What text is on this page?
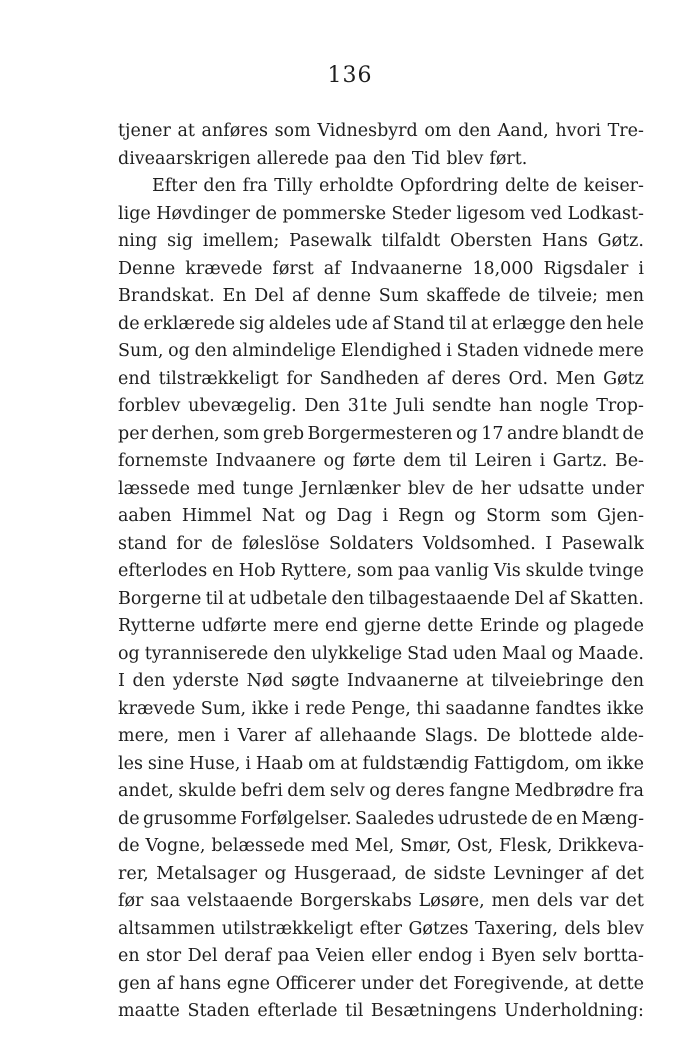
136
tjener at anføres som Vidnesbyrd om den Aand, hvori Tre-
diveaarskrigen allerede paa den Tid blev ført.
Efter den fra Tilly erholdte Opfordring delte de keiser-
lige Høvdinger de pommerske Steder ligesom ved Lodkast-
ning sig imellem; Pasewalk tilfaldt Obersten Hans Gøtz.
Denne krævede først af Indvaanerne 18,000 Rigsdaler i
Brandskat. En Del af denne Sum skaffede de tilveie; men
de erklærede sig aldeles ude af Stand til at erlægge den hele
Sum, og den almindelige Elendighed i Staden vidnede mere
end tilstrækkeligt for Sandheden af deres Ord. Men Gøtz
forblev ubevægelig. Den 31te Juli sendte han nogle Trop-
per derhen, som greb Borgermesteren og 17 andre blandt de
fornemste Indvaanere og førte dem til Leiren i Gartz. Be-
læssede med tunge Jernlænker blev de her udsatte under
aaben Himmel Nat og Dag i Regn og Storm som Gjen-
stand for de føleslöse Soldaters Voldsomhed. I Pasewalk
efterlodes en Hob Ryttere, som paa vanlig Vis skulde tvinge
Borgerne til at udbetale den tilbagestaaende Del af Skatten.
Rytterne udførte mere end gjerne dette Erinde og plagede
og tyranniserede den ulykkelige Stad uden Maal og Maade.
I den yderste Nød søgte Indvaanerne at tilveiebringe den
krævede Sum, ikke i rede Penge, thi saadanne fandtes ikke
mere, men i Varer af allehaande Slags. De blottede alde-
les sine Huse, i Haab om at fuldstændig Fattigdom, om ikke
andet, skulde befri dem selv og deres fangne Medbrødre fra
de grusomme Forfølgelser. Saaledes udrustede de en Mæng-
de Vogne, belæssede med Mel, Smør, Ost, Flesk, Drikkeva-
rer, Metalsager og Husgeraad, de sidste Levninger af det
før saa velstaaende Borgerskabs Løsøre, men dels var det
altsammen utilstrækkeligt efter Gøtzes Taxering, dels blev
en stor Del deraf paa Veien eller endog i Byen selv bortta-
gen af hans egne Officerer under det Foregivende, at dette
maatte Staden efterlade til Besætningens Underholdning:
